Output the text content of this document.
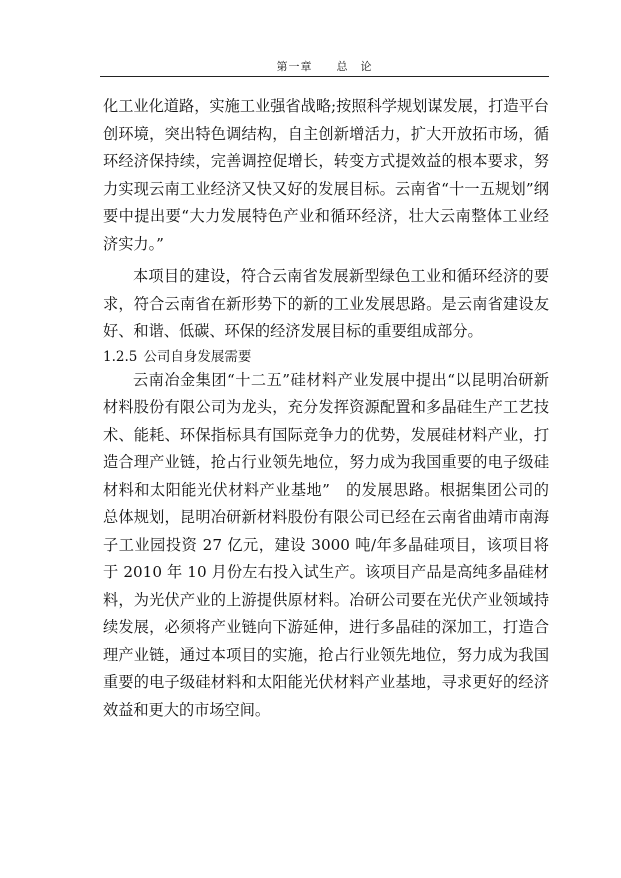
第一章 总　论

化工业化道路，实施工业强省战略;按照科学规划谋发展，打造平台创环境，突出特色调结构，自主创新增活力，扩大开放拓市场，循环经济保持续，完善调控促增长，转变方式提效益的根本要求，努力实现云南工业经济又快又好的发展目标。云南省“十一五规划”纲要中提出要“大力发展特色产业和循环经济，壮大云南整体工业经济实力。”

本项目的建设，符合云南省发展新型绿色工业和循环经济的要求，符合云南省在新形势下的新的工业发展思路。是云南省建设友好、和谐、低碳、环保的经济发展目标的重要组成部分。

1.2.5 公司自身发展需要

云南冶金集团“十二五”硅材料产业发展中提出“以昆明冶研新材料股份有限公司为龙头，充分发挥资源配置和多晶硅生产工艺技术、能耗、环保指标具有国际竞争力的优势，发展硅材料产业，打造合理产业链，抢占行业领先地位，努力成为我国重要的电子级硅材料和太阳能光伏材料产业基地”　的发展思路。根据集团公司的总体规划，昆明冶研新材料股份有限公司已经在云南省曲靖市南海子工业园投资 27 亿元，建设 3000 吨/年多晶硅项目，该项目将于 2010 年 10 月份左右投入试生产。该项目产品是高纯多晶硅材料，为光伏产业的上游提供原材料。冶研公司要在光伏产业领域持续发展，必须将产业链向下游延伸，进行多晶硅的深加工，打造合理产业链，通过本项目的实施，抢占行业领先地位，努力成为我国重要的电子级硅材料和太阳能光伏材料产业基地，寻求更好的经济效益和更大的市场空间。
